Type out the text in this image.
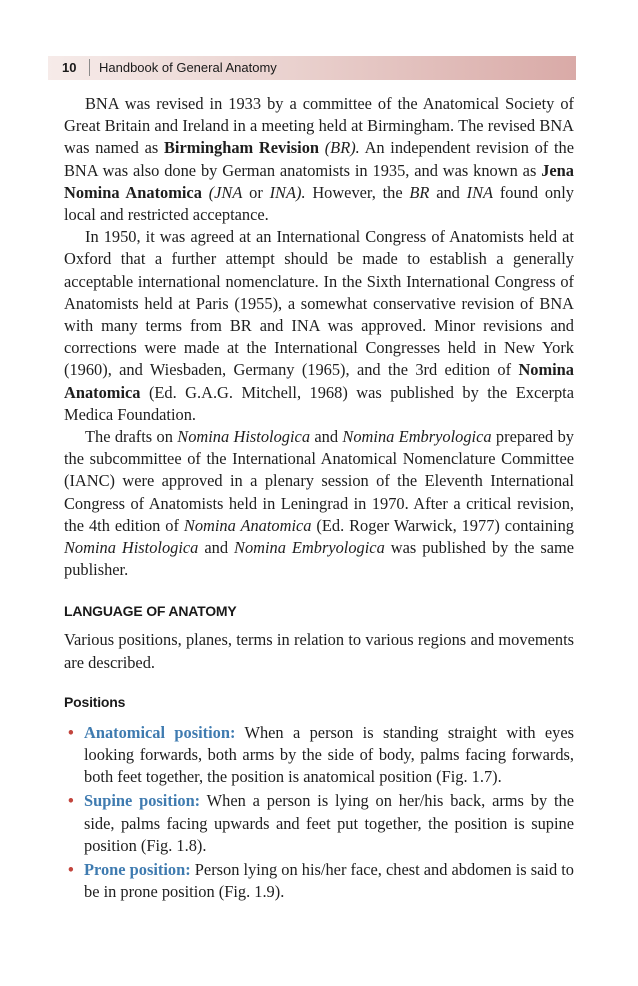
10 Handbook of General Anatomy

BNA was revised in 1933 by a committee of the Anatomical Society of Great Britain and Ireland in a meeting held at Birmingham. The revised BNA was named as Birmingham Revision (BR). An independent revision of the BNA was also done by German anatomists in 1935, and was known as Jena Nomina Anatomica (JNA or INA). However, the BR and INA found only local and restricted acceptance.

In 1950, it was agreed at an International Congress of Anatomists held at Oxford that a further attempt should be made to establish a generally acceptable international nomenclature. In the Sixth International Congress of Anatomists held at Paris (1955), a somewhat conservative revision of BNA with many terms from BR and INA was approved. Minor revisions and corrections were made at the International Congresses held in New York (1960), and Wiesbaden, Germany (1965), and the 3rd edition of Nomina Anatomica (Ed. G.A.G. Mitchell, 1968) was published by the Excerpta Medica Foundation.

The drafts on Nomina Histologica and Nomina Embryologica prepared by the subcommittee of the International Anatomical Nomenclature Committee (IANC) were approved in a plenary session of the Eleventh International Congress of Anatomists held in Leningrad in 1970. After a critical revision, the 4th edition of Nomina Anatomica (Ed. Roger Warwick, 1977) containing Nomina Histologica and Nomina Embryologica was published by the same publisher.

LANGUAGE OF ANATOMY

Various positions, planes, terms in relation to various regions and movements are described.

Positions
• Anatomical position: When a person is standing straight with eyes looking forwards, both arms by the side of body, palms facing forwards, both feet together, the position is anatomical position (Fig. 1.7).
• Supine position: When a person is lying on her/his back, arms by the side, palms facing upwards and feet put together, the position is supine position (Fig. 1.8).
• Prone position: Person lying on his/her face, chest and abdomen is said to be in prone position (Fig. 1.9).
